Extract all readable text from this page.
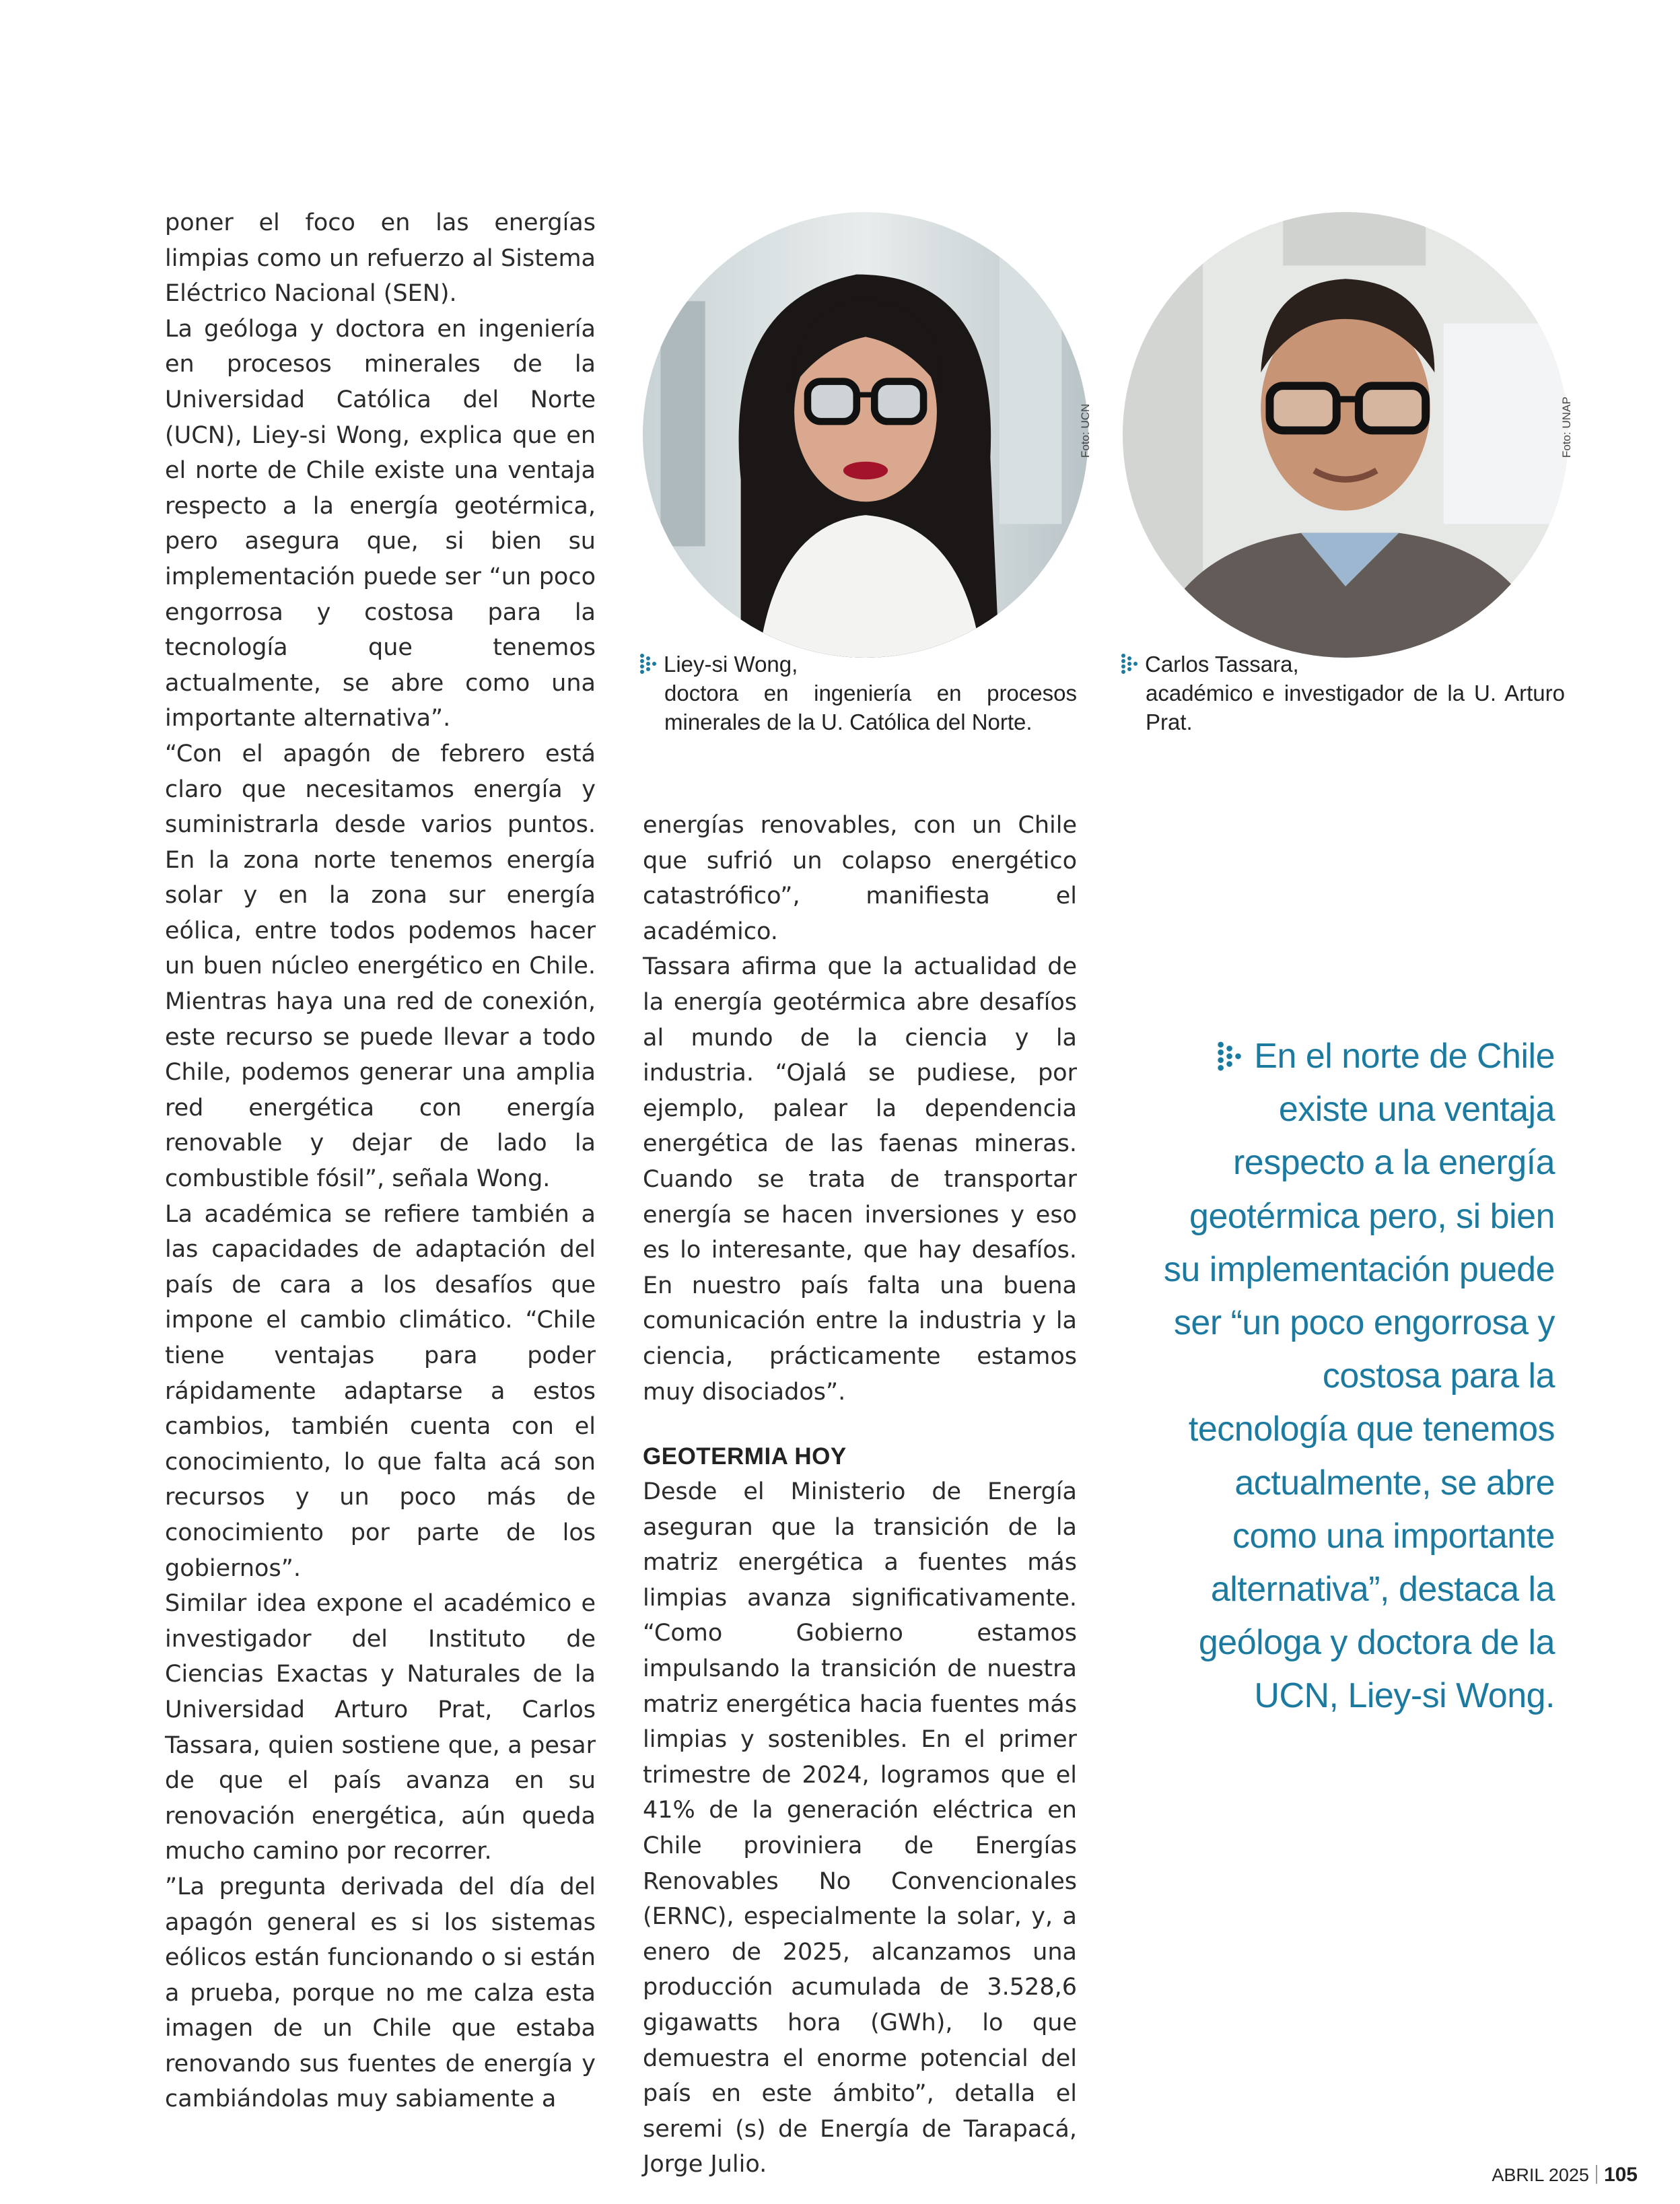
poner el foco en las energías limpias como un refuerzo al Sistema Eléctrico Nacional (SEN).

La geóloga y doctora en ingeniería en procesos minerales de la Universidad Católica del Norte (UCN), Liey-si Wong, explica que en el norte de Chile existe una ventaja respecto a la energía geotérmica, pero asegura que, si bien su implementación puede ser “un poco engorrosa y costosa para la tecnología que tenemos actualmente, se abre como una importante alternativa”.

“Con el apagón de febrero está claro que necesitamos energía y suministrarla desde varios puntos. En la zona norte tenemos energía solar y en la zona sur energía eólica, entre todos podemos hacer un buen núcleo energético en Chile. Mientras haya una red de conexión, este recurso se puede llevar a todo Chile, podemos generar una amplia red energética con energía renovable y dejar de lado la combustible fósil”, señala Wong.

La académica se refiere también a las capacidades de adaptación del país de cara a los desafíos que impone el cambio climático. “Chile tiene ventajas para poder rápidamente adaptarse a estos cambios, también cuenta con el conocimiento, lo que falta acá son recursos y un poco más de conocimiento por parte de los gobiernos”.

Similar idea expone el académico e investigador del Instituto de Ciencias Exactas y Naturales de la Universidad Arturo Prat, Carlos Tassara, quien sostiene que, a pesar de que el país avanza en su renovación energética, aún queda mucho camino por recorrer.

”La pregunta derivada del día del apagón general es si los sistemas eólicos están funcionando o si están a prueba, porque no me calza esta imagen de un Chile que estaba renovando sus fuentes de energía y cambiándolas muy sabiamente a

Foto: UCN	Foto: UNAP
Liey-si Wong,
doctora en ingeniería en procesos minerales de la U. Católica del Norte.
Carlos Tassara,
académico e investigador de la U. Arturo Prat.

energías renovables, con un Chile que sufrió un colapso energético catastrófico”, manifiesta el académico.

Tassara afirma que la actualidad de la energía geotérmica abre desafíos al mundo de la ciencia y la industria. “Ojalá se pudiese, por ejemplo, palear la dependencia energética de las faenas mineras. Cuando se trata de transportar energía se hacen inversiones y eso es lo interesante, que hay desafíos. En nuestro país falta una buena comunicación entre la industria y la ciencia, prácticamente estamos muy disociados”.

GEOTERMIA HOY

Desde el Ministerio de Energía aseguran que la transición de la matriz energética a fuentes más limpias avanza significativamente. “Como Gobierno estamos impulsando la transición de nuestra matriz energética hacia fuentes más limpias y sostenibles. En el primer trimestre de 2024, logramos que el 41% de la generación eléctrica en Chile proviniera de Energías Renovables No Convencionales (ERNC), especialmente la solar, y, a enero de 2025, alcanzamos una producción acumulada de 3.528,6 gigawatts hora (GWh), lo que demuestra el enorme potencial del país en este ámbito”, detalla el seremi (s) de Energía de Tarapacá, Jorge Julio.

En el norte de Chile existe una ventaja respecto a la energía geotérmica pero, si bien su implementación puede ser “un poco engorrosa y costosa para la tecnología que tenemos actualmente, se abre como una importante alternativa”, destaca la geóloga y doctora de la UCN, Liey-si Wong.
ABRIL 2025 105
